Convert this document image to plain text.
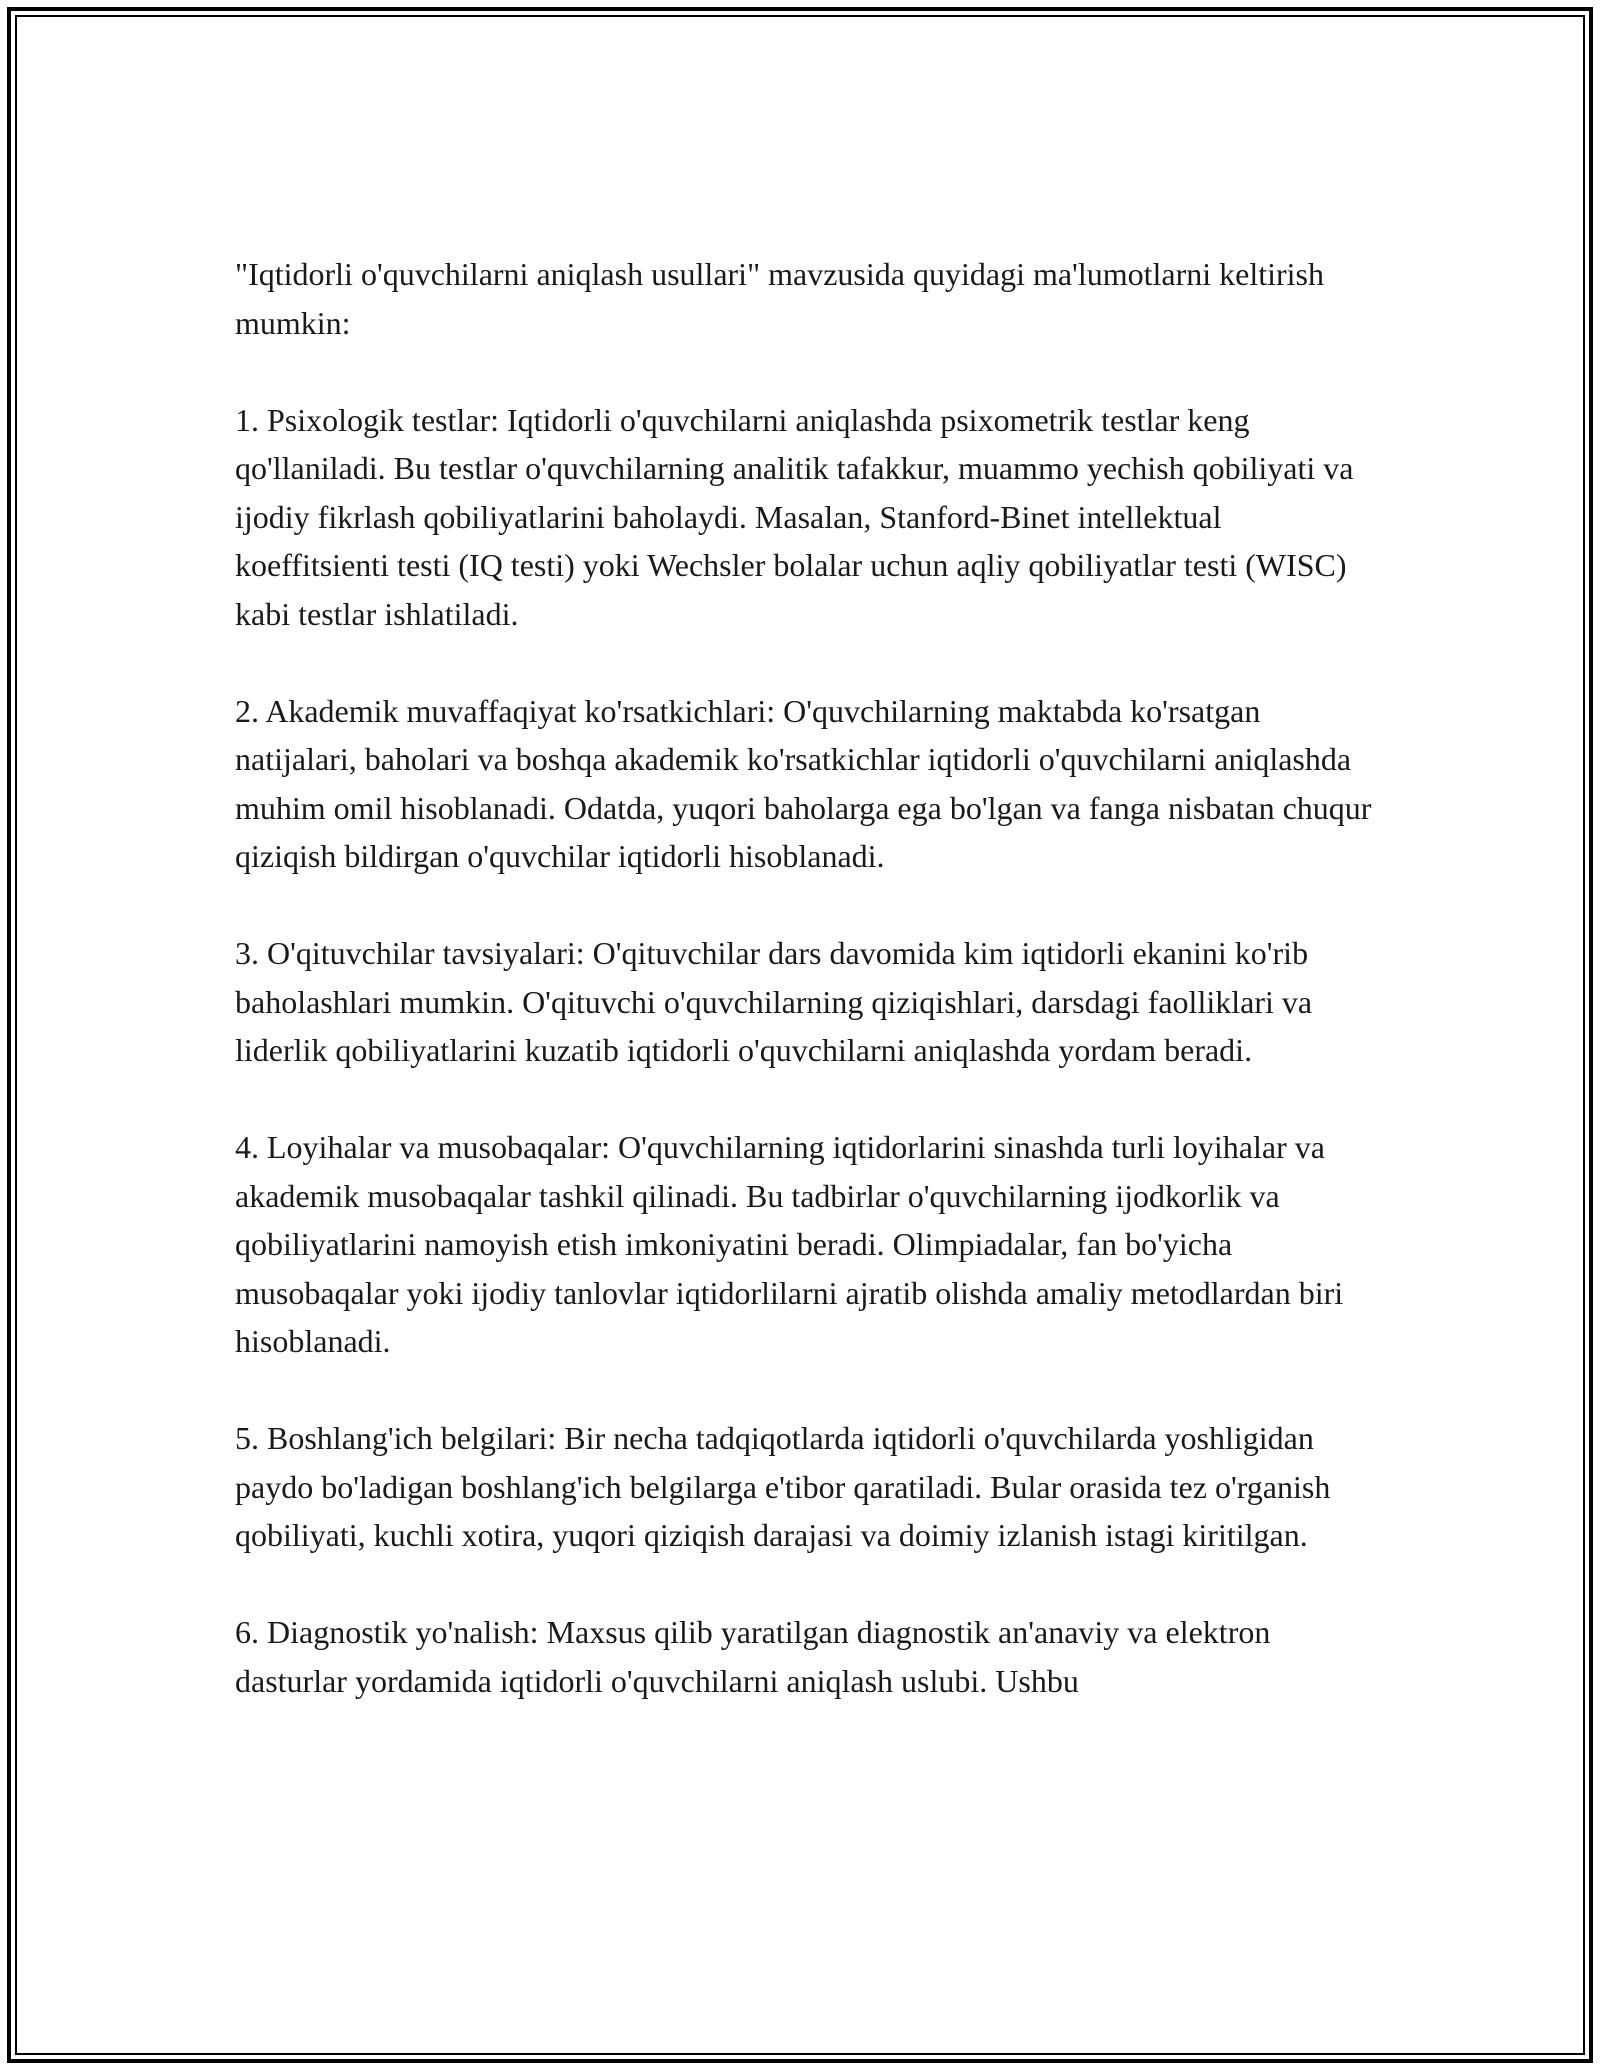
"Iqtidorli o'quvchilarni aniqlash usullari" mavzusida quyidagi ma'lumotlarni keltirish mumkin:

1. Psixologik testlar: Iqtidorli o'quvchilarni aniqlashda psixometrik testlar keng qo'llaniladi. Bu testlar o'quvchilarning analitik tafakkur, muammo yechish qobiliyati va ijodiy fikrlash qobiliyatlarini baholaydi. Masalan, Stanford-Binet intellektual koeffitsienti testi (IQ testi) yoki Wechsler bolalar uchun aqliy qobiliyatlar testi (WISC) kabi testlar ishlatiladi.

2. Akademik muvaffaqiyat ko'rsatkichlari: O'quvchilarning maktabda ko'rsatgan natijalari, baholari va boshqa akademik ko'rsatkichlar iqtidorli o'quvchilarni aniqlashda muhim omil hisoblanadi. Odatda, yuqori baholarga ega bo'lgan va fanga nisbatan chuqur qiziqish bildirgan o'quvchilar iqtidorli hisoblanadi.

3. O'qituvchilar tavsiyalari: O'qituvchilar dars davomida kim iqtidorli ekanini ko'rib baholashlari mumkin. O'qituvchi o'quvchilarning qiziqishlari, darsdagi faolliklari va liderlik qobiliyatlarini kuzatib iqtidorli o'quvchilarni aniqlashda yordam beradi.

4. Loyihalar va musobaqalar: O'quvchilarning iqtidorlarini sinashda turli loyihalar va akademik musobaqalar tashkil qilinadi. Bu tadbirlar o'quvchilarning ijodkorlik va qobiliyatlarini namoyish etish imkoniyatini beradi. Olimpiadalar, fan bo'yicha musobaqalar yoki ijodiy tanlovlar iqtidorlilarni ajratib olishda amaliy metodlardan biri hisoblanadi.

5. Boshlang'ich belgilari: Bir necha tadqiqotlarda iqtidorli o'quvchilarda yoshligidan paydo bo'ladigan boshlang'ich belgilarga e'tibor qaratiladi. Bular orasida tez o'rganish qobiliyati, kuchli xotira, yuqori qiziqish darajasi va doimiy izlanish istagi kiritilgan.

6. Diagnostik yo'nalish: Maxsus qilib yaratilgan diagnostik an'anaviy va elektron dasturlar yordamida iqtidorli o'quvchilarni aniqlash uslubi. Ushbu
